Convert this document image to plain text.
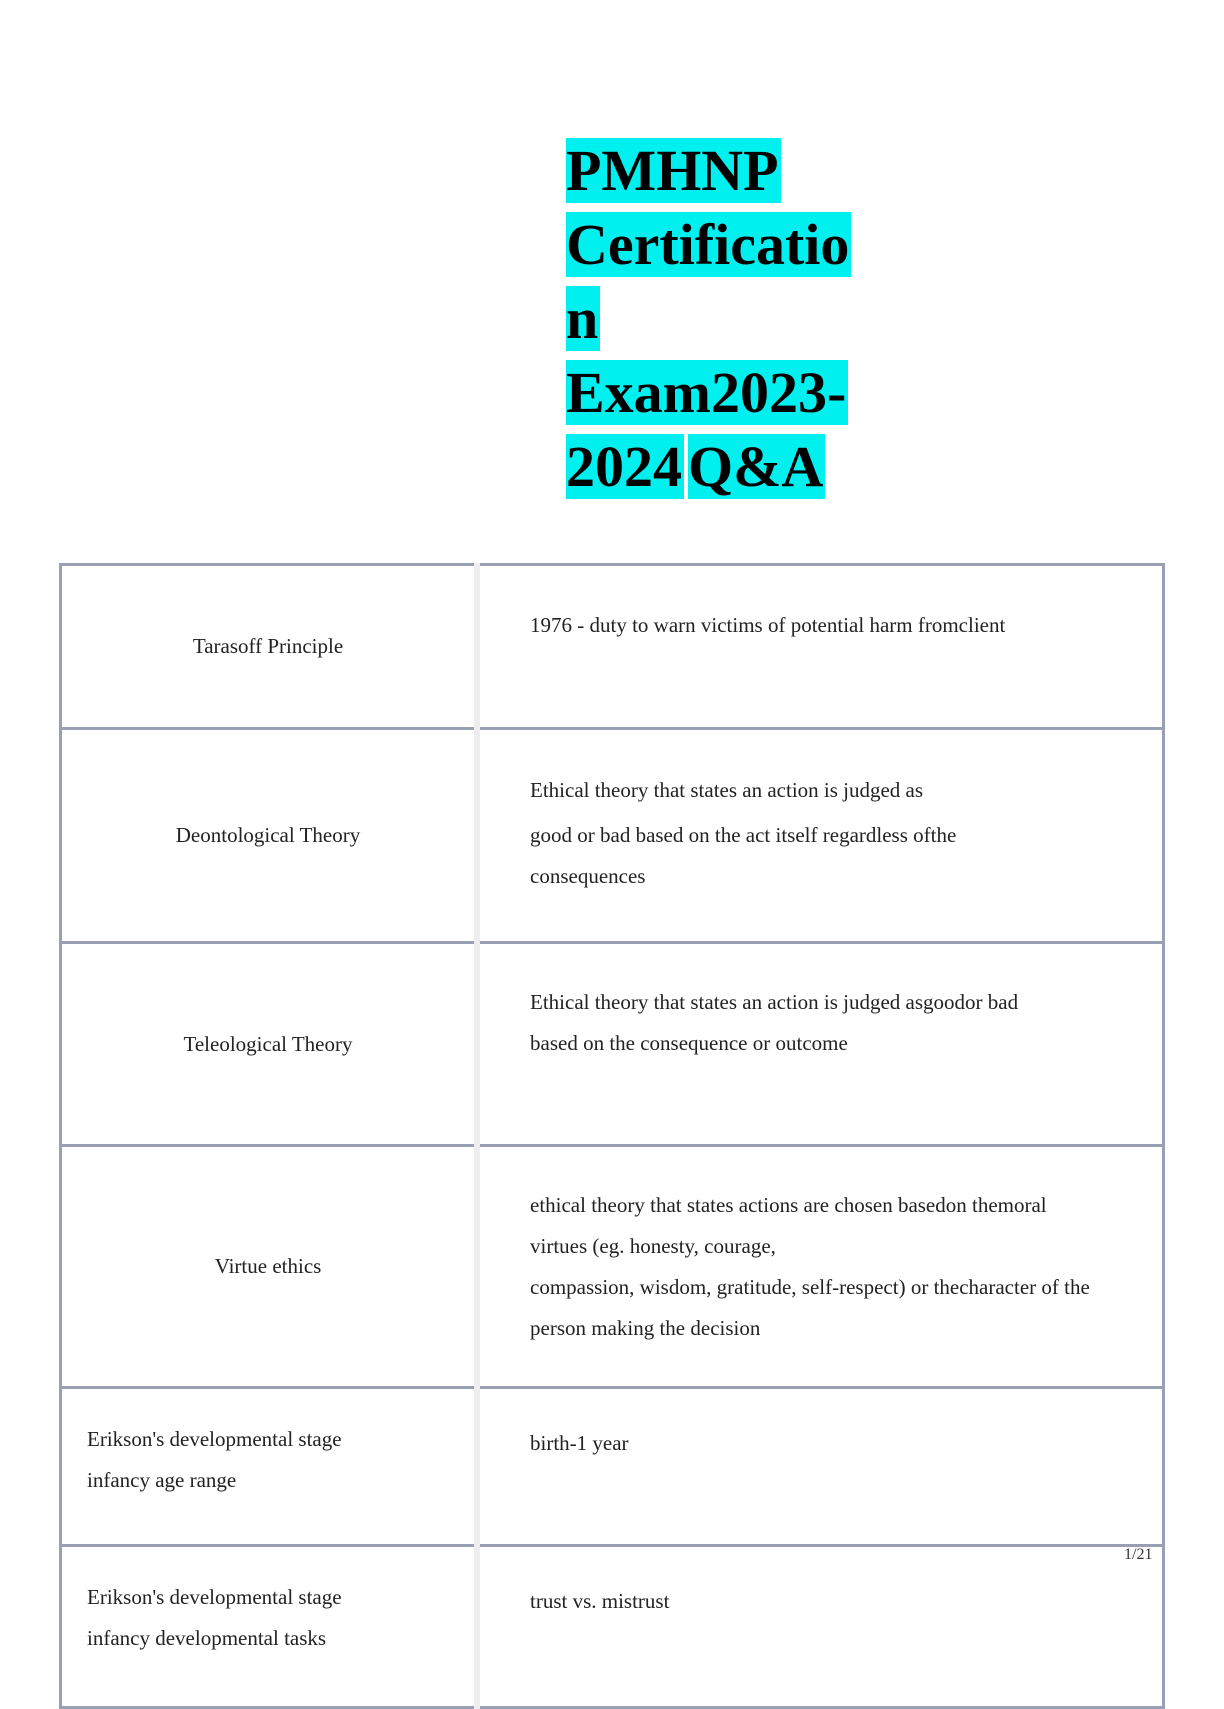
PMHNP
Certificatio
n
Exam2023-
2024 Q&A
Tarasoff Principle	1976 - duty to warn victims of potential harm fromclient

Deontological Theory	Ethical theory that states an action is judged as

good or bad based on the act itself regardless ofthe

consequences

Teleological Theory	Ethical theory that states an action is judged asgoodor bad

based on the consequence or outcome

Virtue ethics	ethical theory that states actions are chosen basedon themoral

virtues (eg. honesty, courage,

compassion, wisdom, gratitude, self-respect) or thecharacter of the

person making the decision

Erikson's developmental stage
infancy age range	birth-1 year

Erikson's developmental stage
infancy developmental tasks	trust vs. mistrust

1/21
